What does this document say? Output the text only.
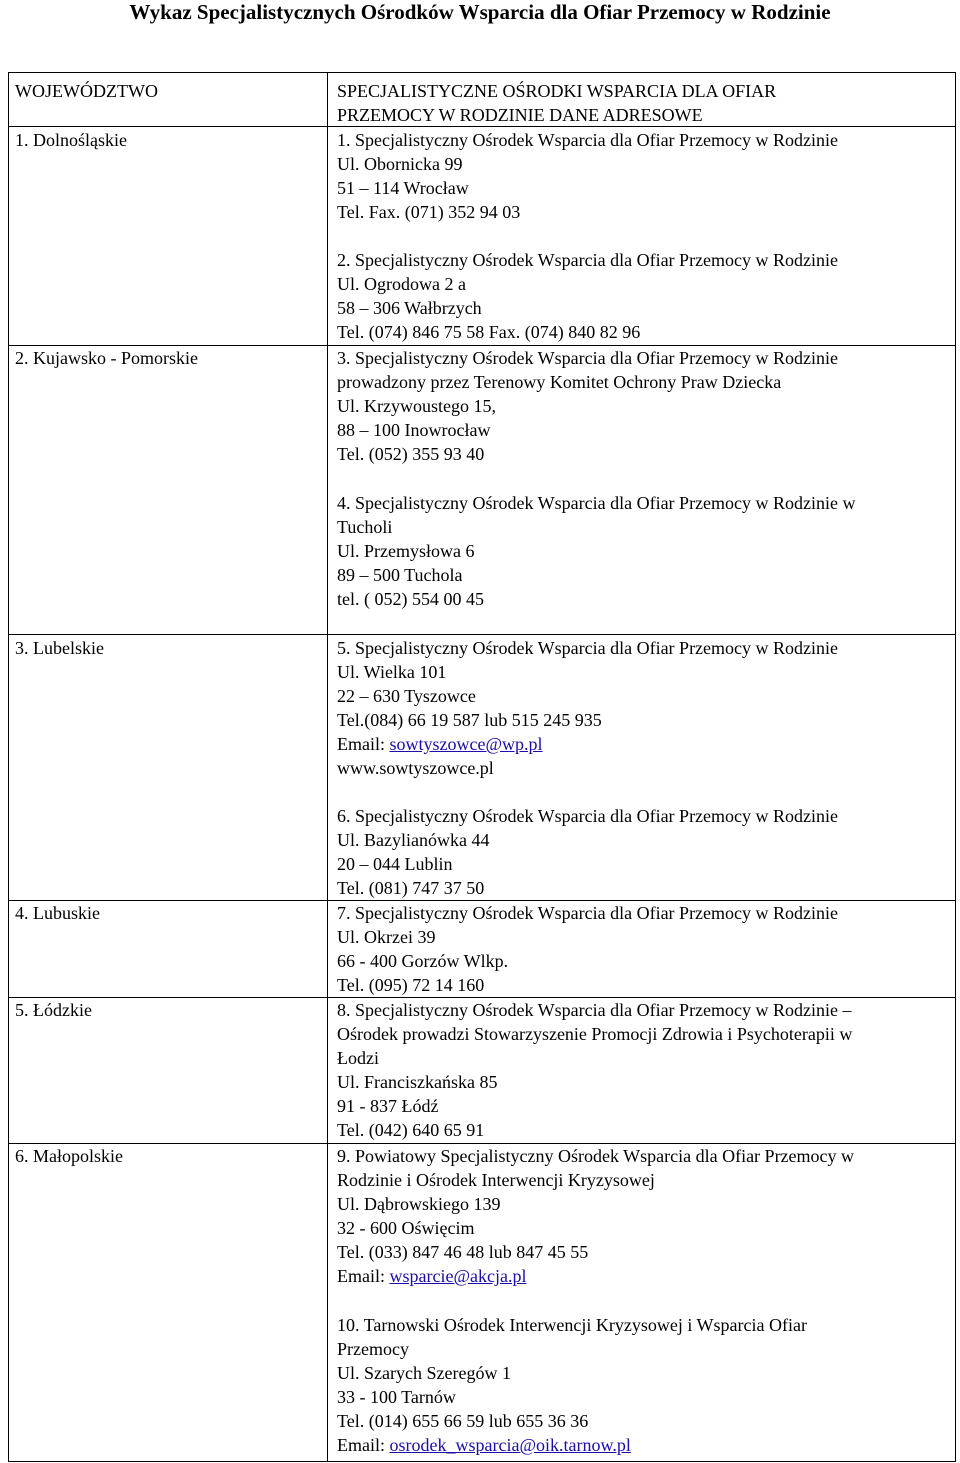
Wykaz Specjalistycznych Ośrodków Wsparcia dla Ofiar Przemocy w Rodzinie
WOJEWÓDZTWO	SPECJALISTYCZNE OŚRODKI WSPARCIA DLA OFIAR
PRZEMOCY W RODZINIE DANE ADRESOWE
1. Dolnośląskie
2. Kujawsko - Pomorskie
3. Lubelskie
4. Lubuskie
5. Łódzkie
6. Małopolskie
1. Specjalistyczny Ośrodek Wsparcia dla Ofiar Przemocy w Rodzinie
Ul. Obornicka 99
51 – 114 Wrocław
Tel. Fax. (071) 352 94 03
2. Specjalistyczny Ośrodek Wsparcia dla Ofiar Przemocy w Rodzinie
Ul. Ogrodowa 2 a
58 – 306 Wałbrzych
Tel. (074) 846 75 58 Fax. (074) 840 82 96
3. Specjalistyczny Ośrodek Wsparcia dla Ofiar Przemocy w Rodzinie
prowadzony przez Terenowy Komitet Ochrony Praw Dziecka
Ul. Krzywoustego 15,
88 – 100 Inowrocław
Tel. (052) 355 93 40
4. Specjalistyczny Ośrodek Wsparcia dla Ofiar Przemocy w Rodzinie w
Tucholi
Ul. Przemysłowa 6
89 – 500 Tuchola
tel. ( 052) 554 00 45
5. Specjalistyczny Ośrodek Wsparcia dla Ofiar Przemocy w Rodzinie
Ul. Wielka 101
22 – 630 Tyszowce
Tel.(084) 66 19 587 lub 515 245 935
Email: sowtyszowce@wp.pl
www.sowtyszowce.pl
6. Specjalistyczny Ośrodek Wsparcia dla Ofiar Przemocy w Rodzinie
Ul. Bazylianówka 44
20 – 044 Lublin
Tel. (081) 747 37 50
7. Specjalistyczny Ośrodek Wsparcia dla Ofiar Przemocy w Rodzinie
Ul. Okrzei 39
66 - 400 Gorzów Wlkp.
Tel. (095) 72 14 160
8. Specjalistyczny Ośrodek Wsparcia dla Ofiar Przemocy w Rodzinie –
Ośrodek prowadzi Stowarzyszenie Promocji Zdrowia i Psychoterapii w
Łodzi
Ul. Franciszkańska 85
91 - 837 Łódź
Tel. (042) 640 65 91
9. Powiatowy Specjalistyczny Ośrodek Wsparcia dla Ofiar Przemocy w
Rodzinie i Ośrodek Interwencji Kryzysowej
Ul. Dąbrowskiego 139
32 - 600 Oświęcim
Tel. (033) 847 46 48 lub 847 45 55
Email: wsparcie@akcja.pl
10. Tarnowski Ośrodek Interwencji Kryzysowej i Wsparcia Ofiar
Przemocy
Ul. Szarych Szeregów 1
33 - 100 Tarnów
Tel. (014) 655 66 59 lub 655 36 36
Email: osrodek_wsparcia@oik.tarnow.pl
